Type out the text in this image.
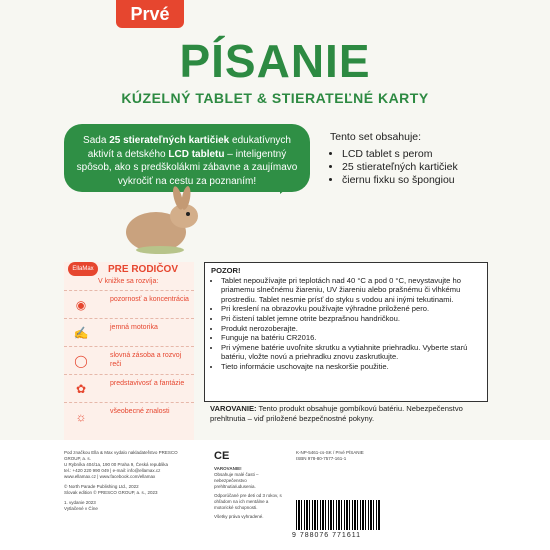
Prvé
PÍSANIE
KÚZELNÝ TABLET & STIERATEĽNÉ KARTY
Sada 25 stierateľných kartičiek edukatívnych aktivít a detského LCD tabletu – inteligentný spôsob, ako s predškolákmi zábavne a zaujímavo vykročiť na cestu za poznaním!
Tento set obsahuje:
• LCD tablet s perom
• 25 stierateľných kartičiek
• čiernu fixku so špongiou
EllaMax	PRE RODIČOV
V knižke sa rozvíja:
◉	pozornosť a koncentrácia
✍	jemná motorika
◯	slovná zásoba a rozvoj reči
✿	predstavivosť a fantázie
☼	všeobecné znalosti
POZOR!
• Tablet nepoužívajte pri teplotách nad 40 °C a pod 0 °C, nevystavujte ho priamemu slnečnému žiareniu, UV žiareniu alebo prašnému či vlhkému prostrediu. Tablet nesmie prísť do styku s vodou ani inými tekutinami.
• Pri kreslení na obrazovku používajte výhradne priložené pero.
• Pri čistení tablet jemne otrite bezprašnou handričkou.
• Produkt nerozoberajte.
• Funguje na batériu CR2016.
• Pri výmene batérie uvoľnite skrutku a vytiahnite priehradku. Vyberte starú batériu, vložte novú a priehradku znovu zaskrutkujte.
• Tieto informácie uschovajte na neskoršie použitie.
VAROVANIE: Tento produkt obsahuje gombíkovú batériu. Nebezpečenstvo prehltnutia – viď priložené bezpečnostné pokyny.
Pod značkou Ella & Max vydalo nakladateľstvo PRESCO GROUP, a. s.
U Rybníka 404/1a, 190 00 Praha 9, Česká republika
tel.: +420 220 990 049 | e-mail: info@ellamax.cz
www.ellamax.cz | www.facebook.com/ellamax
© North Parade Publishing Ltd., 2022
Slovak edition © PRESCO GROUP, a. s., 2023
1. vydanie 2023
Vytlačené v Číne
CE
VAROVANIE!
Obsahuje malé časti – nebezpečenstvo prehltnutia/udusenia.
Odporúčané pre deti od 3 rokov, s ohľadom na ich mentálne a motorické schopnosti.
Všetky práva vyhradené.
K-NP-5461-cs-SK / Prvé PÍSANIE
ISBN 978-80-7577-161-1
9 788076 771611
